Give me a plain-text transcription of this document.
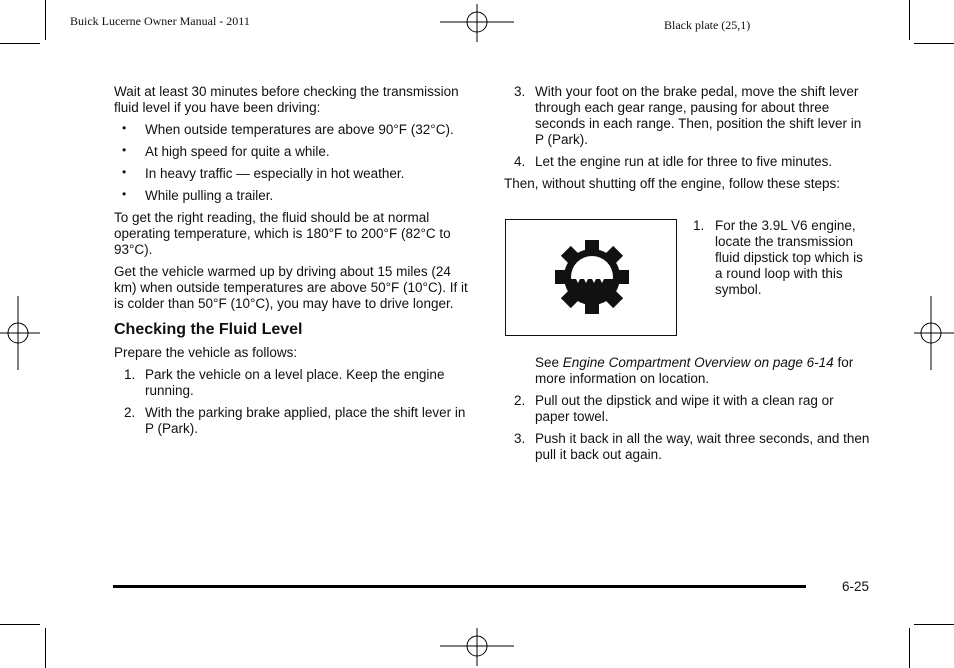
Buick Lucerne Owner Manual - 2011	Black plate (25,1)

Wait at least 30 minutes before checking the transmission fluid level if you have been driving:

• When outside temperatures are above 90°F (32°C).
• At high speed for quite a while.
• In heavy traffic — especially in hot weather.
• While pulling a trailer.

To get the right reading, the fluid should be at normal operating temperature, which is 180°F to 200°F (82°C to 93°C).

Get the vehicle warmed up by driving about 15 miles (24 km) when outside temperatures are above 50°F (10°C). If it is colder than 50°F (10°C), you may have to drive longer.

Checking the Fluid Level

Prepare the vehicle as follows:

1. Park the vehicle on a level place. Keep the engine running.
2. With the parking brake applied, place the shift lever in P (Park).
3. With your foot on the brake pedal, move the shift lever through each gear range, pausing for about three seconds in each range. Then, position the shift lever in P (Park).
4. Let the engine run at idle for three to five minutes.

Then, without shutting off the engine, follow these steps:

1. For the 3.9L V6 engine, locate the transmission fluid dipstick top which is a round loop with this symbol.

See Engine Compartment Overview on page 6-14 for more information on location.

2. Pull out the dipstick and wipe it with a clean rag or paper towel.
3. Push it back in all the way, wait three seconds, and then pull it back out again.
6-25
